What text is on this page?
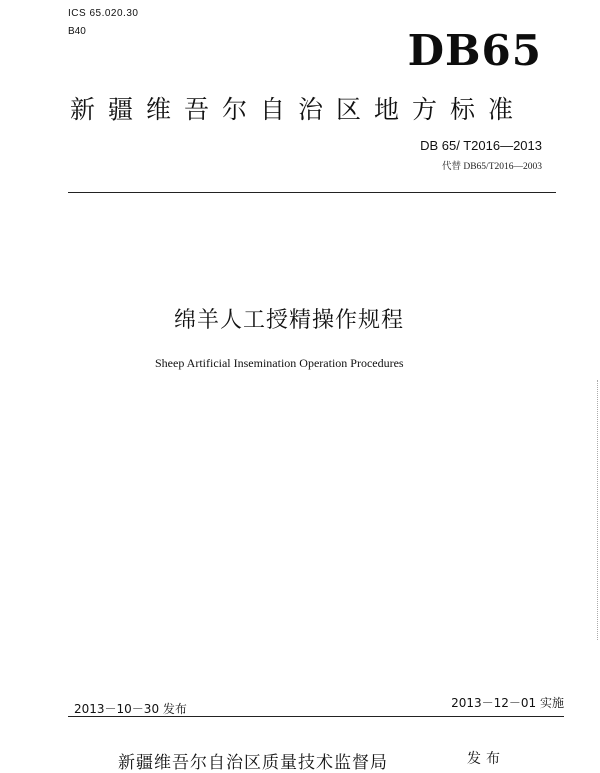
ICS 65.020.30
B40	DB65
新疆维吾尔自治区地方标准
DB 65/ T2016—2013
代替 DB65/T2016—2003
绵羊人工授精操作规程
Sheep Artificial Insemination Operation Procedures
2013－10－30 发布	2013－12－01 实施
新疆维吾尔自治区质量技术监督局	发布
